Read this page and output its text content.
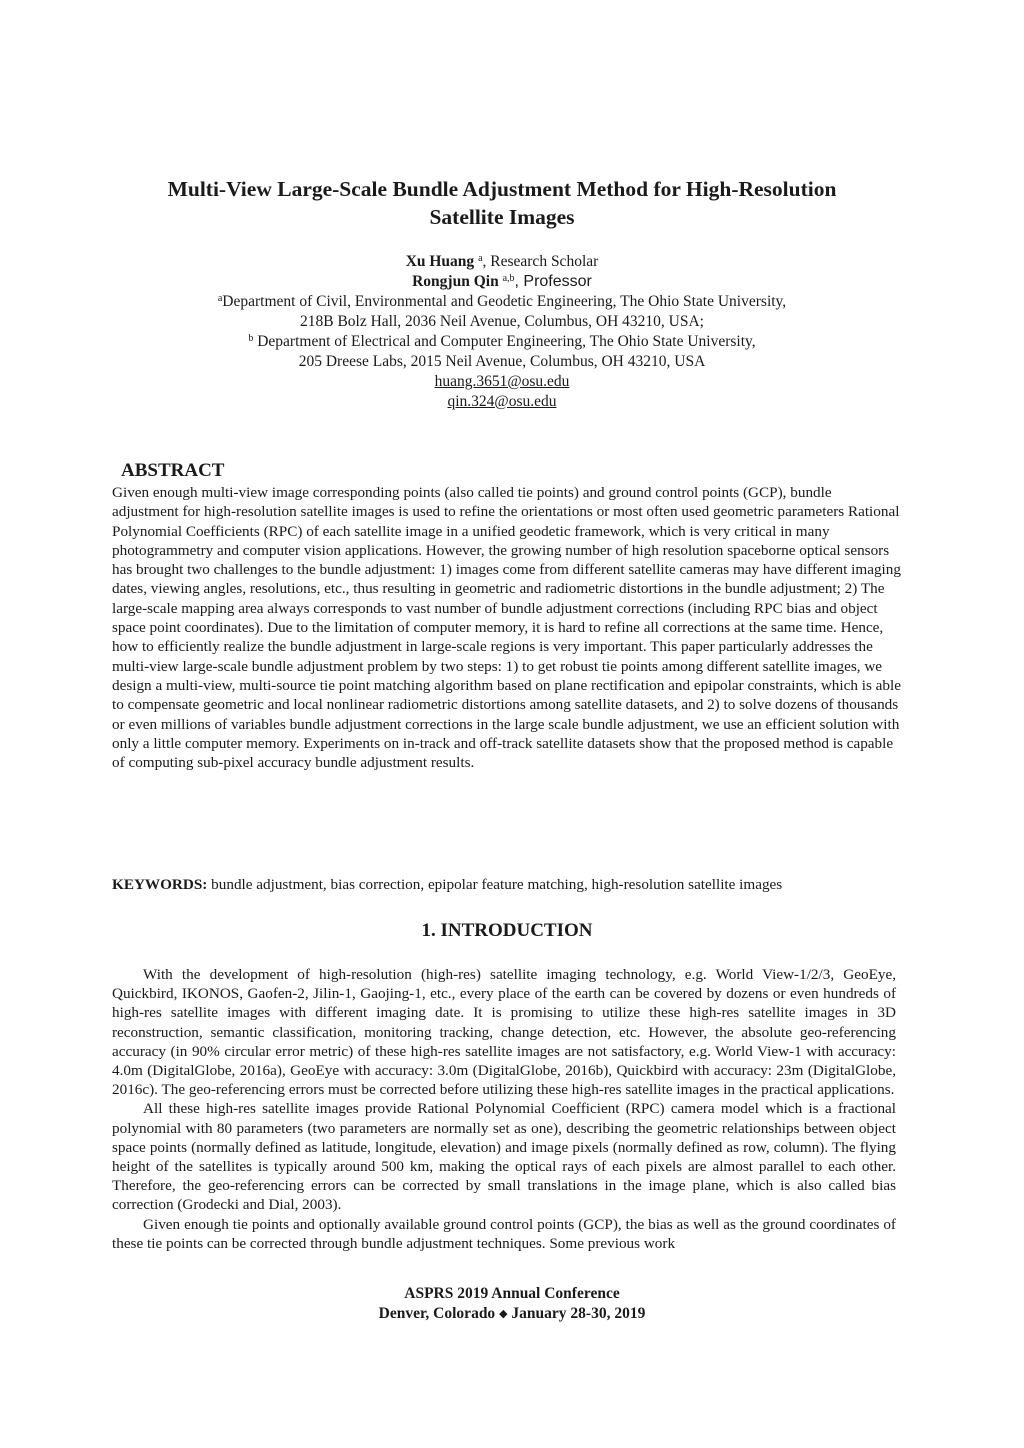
Multi-View Large-Scale Bundle Adjustment Method for High-Resolution
Satellite Images
Xu Huang $^a$, Research Scholar
Rongjun Qin $^{a,b}$, Professor
$^a$Department of Civil, Environmental and Geodetic Engineering, The Ohio State University,
218B Bolz Hall, 2036 Neil Avenue, Columbus, OH 43210, USA;
$^b$ Department of Electrical and Computer Engineering, The Ohio State University,
205 Dreese Labs, 2015 Neil Avenue, Columbus, OH 43210, USA
huang.3651@osu.edu
qin.324@osu.edu
ABSTRACT
Given enough multi-view image corresponding points (also called tie points) and ground control points (GCP), bundle adjustment for high-resolution satellite images is used to refine the orientations or most often used geometric parameters Rational Polynomial Coefficients (RPC) of each satellite image in a unified geodetic framework, which is very critical in many photogrammetry and computer vision applications. However, the growing number of high resolution spaceborne optical sensors has brought two challenges to the bundle adjustment: 1) images come from different satellite cameras may have different imaging dates, viewing angles, resolutions, etc., thus resulting in geometric and radiometric distortions in the bundle adjustment; 2) The large-scale mapping area always corresponds to vast number of bundle adjustment corrections (including RPC bias and object space point coordinates). Due to the limitation of computer memory, it is hard to refine all corrections at the same time. Hence, how to efficiently realize the bundle adjustment in large-scale regions is very important. This paper particularly addresses the multi-view large-scale bundle adjustment problem by two steps: 1) to get robust tie points among different satellite images, we design a multi-view, multi-source tie point matching algorithm based on plane rectification and epipolar constraints, which is able to compensate geometric and local nonlinear radiometric distortions among satellite datasets, and 2) to solve dozens of thousands or even millions of variables bundle adjustment corrections in the large scale bundle adjustment, we use an efficient solution with only a little computer memory. Experiments on in-track and off-track satellite datasets show that the proposed method is capable of computing sub-pixel accuracy bundle adjustment results.
KEYWORDS: bundle adjustment, bias correction, epipolar feature matching, high-resolution satellite images
1. INTRODUCTION

With the development of high-resolution (high-res) satellite imaging technology, e.g. World View-1/2/3, GeoEye, Quickbird, IKONOS, Gaofen-2, Jilin-1, Gaojing-1, etc., every place of the earth can be covered by dozens or even hundreds of high-res satellite images with different imaging date. It is promising to utilize these high-res satellite images in 3D reconstruction, semantic classification, monitoring tracking, change detection, etc. However, the absolute geo-referencing accuracy (in 90% circular error metric) of these high-res satellite images are not satisfactory, e.g. World View-1 with accuracy: 4.0m (DigitalGlobe, 2016a), GeoEye with accuracy: 3.0m (DigitalGlobe, 2016b), Quickbird with accuracy: 23m (DigitalGlobe, 2016c). The geo-referencing errors must be corrected before utilizing these high-res satellite images in the practical applications.

All these high-res satellite images provide Rational Polynomial Coefficient (RPC) camera model which is a fractional polynomial with 80 parameters (two parameters are normally set as one), describing the geometric relationships between object space points (normally defined as latitude, longitude, elevation) and image pixels (normally defined as row, column). The flying height of the satellites is typically around 500 km, making the optical rays of each pixels are almost parallel to each other. Therefore, the geo-referencing errors can be corrected by small translations in the image plane, which is also called bias correction (Grodecki and Dial, 2003).

Given enough tie points and optionally available ground control points (GCP), the bias as well as the ground coordinates of these tie points can be corrected through bundle adjustment techniques. Some previous work

ASPRS 2019 Annual Conference
Denver, Colorado ◆ January 28-30, 2019
